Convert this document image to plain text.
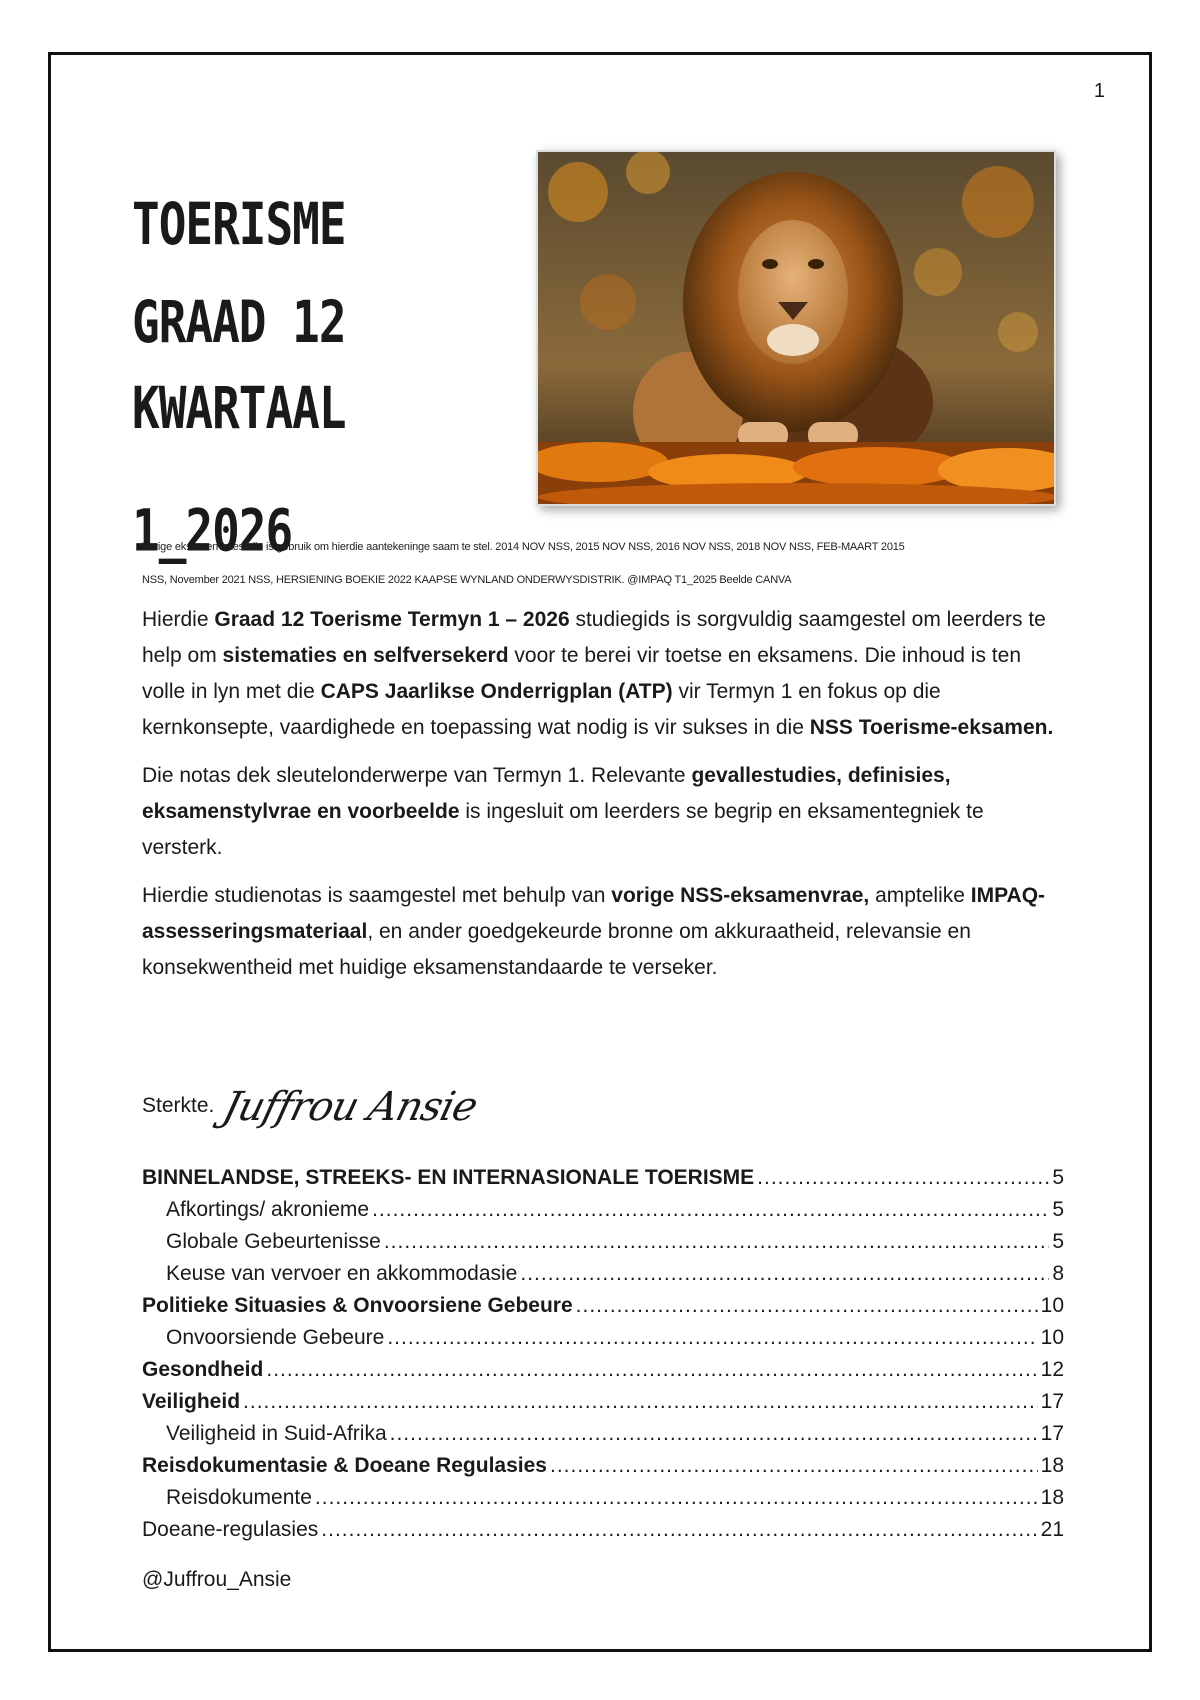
1
TOERISME
GRAAD 12
KWARTAAL 1_2026
Vorige eksamenvraestelle is gebruik om hierdie aantekeninge saam te stel. 2014 NOV NSS, 2015 NOV NSS, 2016 NOV NSS, 2018 NOV NSS, FEB-MAART 2015
NSS, November 2021 NSS, HERSIENING BOEKIE 2022 KAAPSE WYNLAND ONDERWYSDISTRIK. @IMPAQ T1_2025 Beelde CANVA

Hierdie Graad 12 Toerisme Termyn 1 – 2026 studiegids is sorgvuldig saamgestel om leerders te help om sistematies en selfversekerd voor te berei vir toetse en eksamens. Die inhoud is ten volle in lyn met die CAPS Jaarlikse Onderrigplan (ATP) vir Termyn 1 en fokus op die kernkonsepte, vaardighede en toepassing wat nodig is vir sukses in die NSS Toerisme-eksamen.

Die notas dek sleutelonderwerpe van Termyn 1. Relevante gevallestudies, definisies, eksamenstylvrae en voorbeelde is ingesluit om leerders se begrip en eksamentegniek te versterk.

Hierdie studienotas is saamgestel met behulp van vorige NSS-eksamenvrae, amptelike IMPAQ-assesseringsmateriaal, en ander goedgekeurde bronne om akkuraatheid, relevansie en konsekwentheid met huidige eksamenstandaarde te verseker.

Sterkte. Juffrou Ansie
BINNELANDSE, STREEKS- EN INTERNASIONALE TOERISME .....	5
Afkortings/ akronieme .....	5
Globale Gebeurtenisse .....	5
Keuse van vervoer en akkommodasie .....	8
Politieke Situasies & Onvoorsiene Gebeure .....	10
Onvoorsiende Gebeure .....	10
Gesondheid .....	12
Veiligheid .....	17
Veiligheid in Suid-Afrika .....	17
Reisdokumentasie & Doeane Regulasies .....	18
Reisdokumente .....	18
Doeane-regulasies .....	21
@Juffrou_Ansie
